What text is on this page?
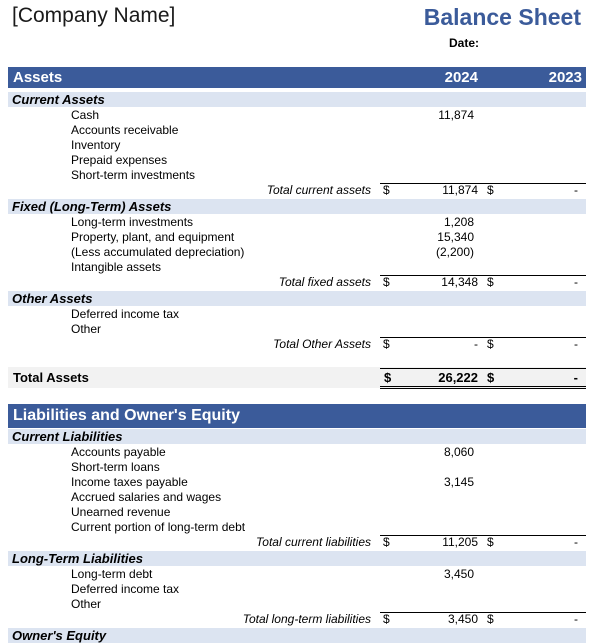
[Company Name]	Balance Sheet
Date:
Assets	2024	2023
Current Assets
Cash	11,874
Accounts receivable
Inventory
Prepaid expenses
Short-term investments
Total current assets $	11,874 $	-
Fixed (Long-Term) Assets
Long-term investments	1,208
Property, plant, and equipment	15,340
(Less accumulated depreciation)	(2,200)
Intangible assets
Total fixed assets $	14,348 $	-
Other Assets
Deferred income tax
Other
Total Other Assets $	- $	-
Total Assets	$	26,222 $	-
Liabilities and Owner's Equity
Current Liabilities
Accounts payable	8,060
Short-term loans
Income taxes payable	3,145
Accrued salaries and wages
Unearned revenue
Current portion of long-term debt
Total current liabilities $	11,205 $	-
Long-Term Liabilities
Long-term debt	3,450
Deferred income tax
Other
Total long-term liabilities $	3,450 $	-
Owner's Equity
